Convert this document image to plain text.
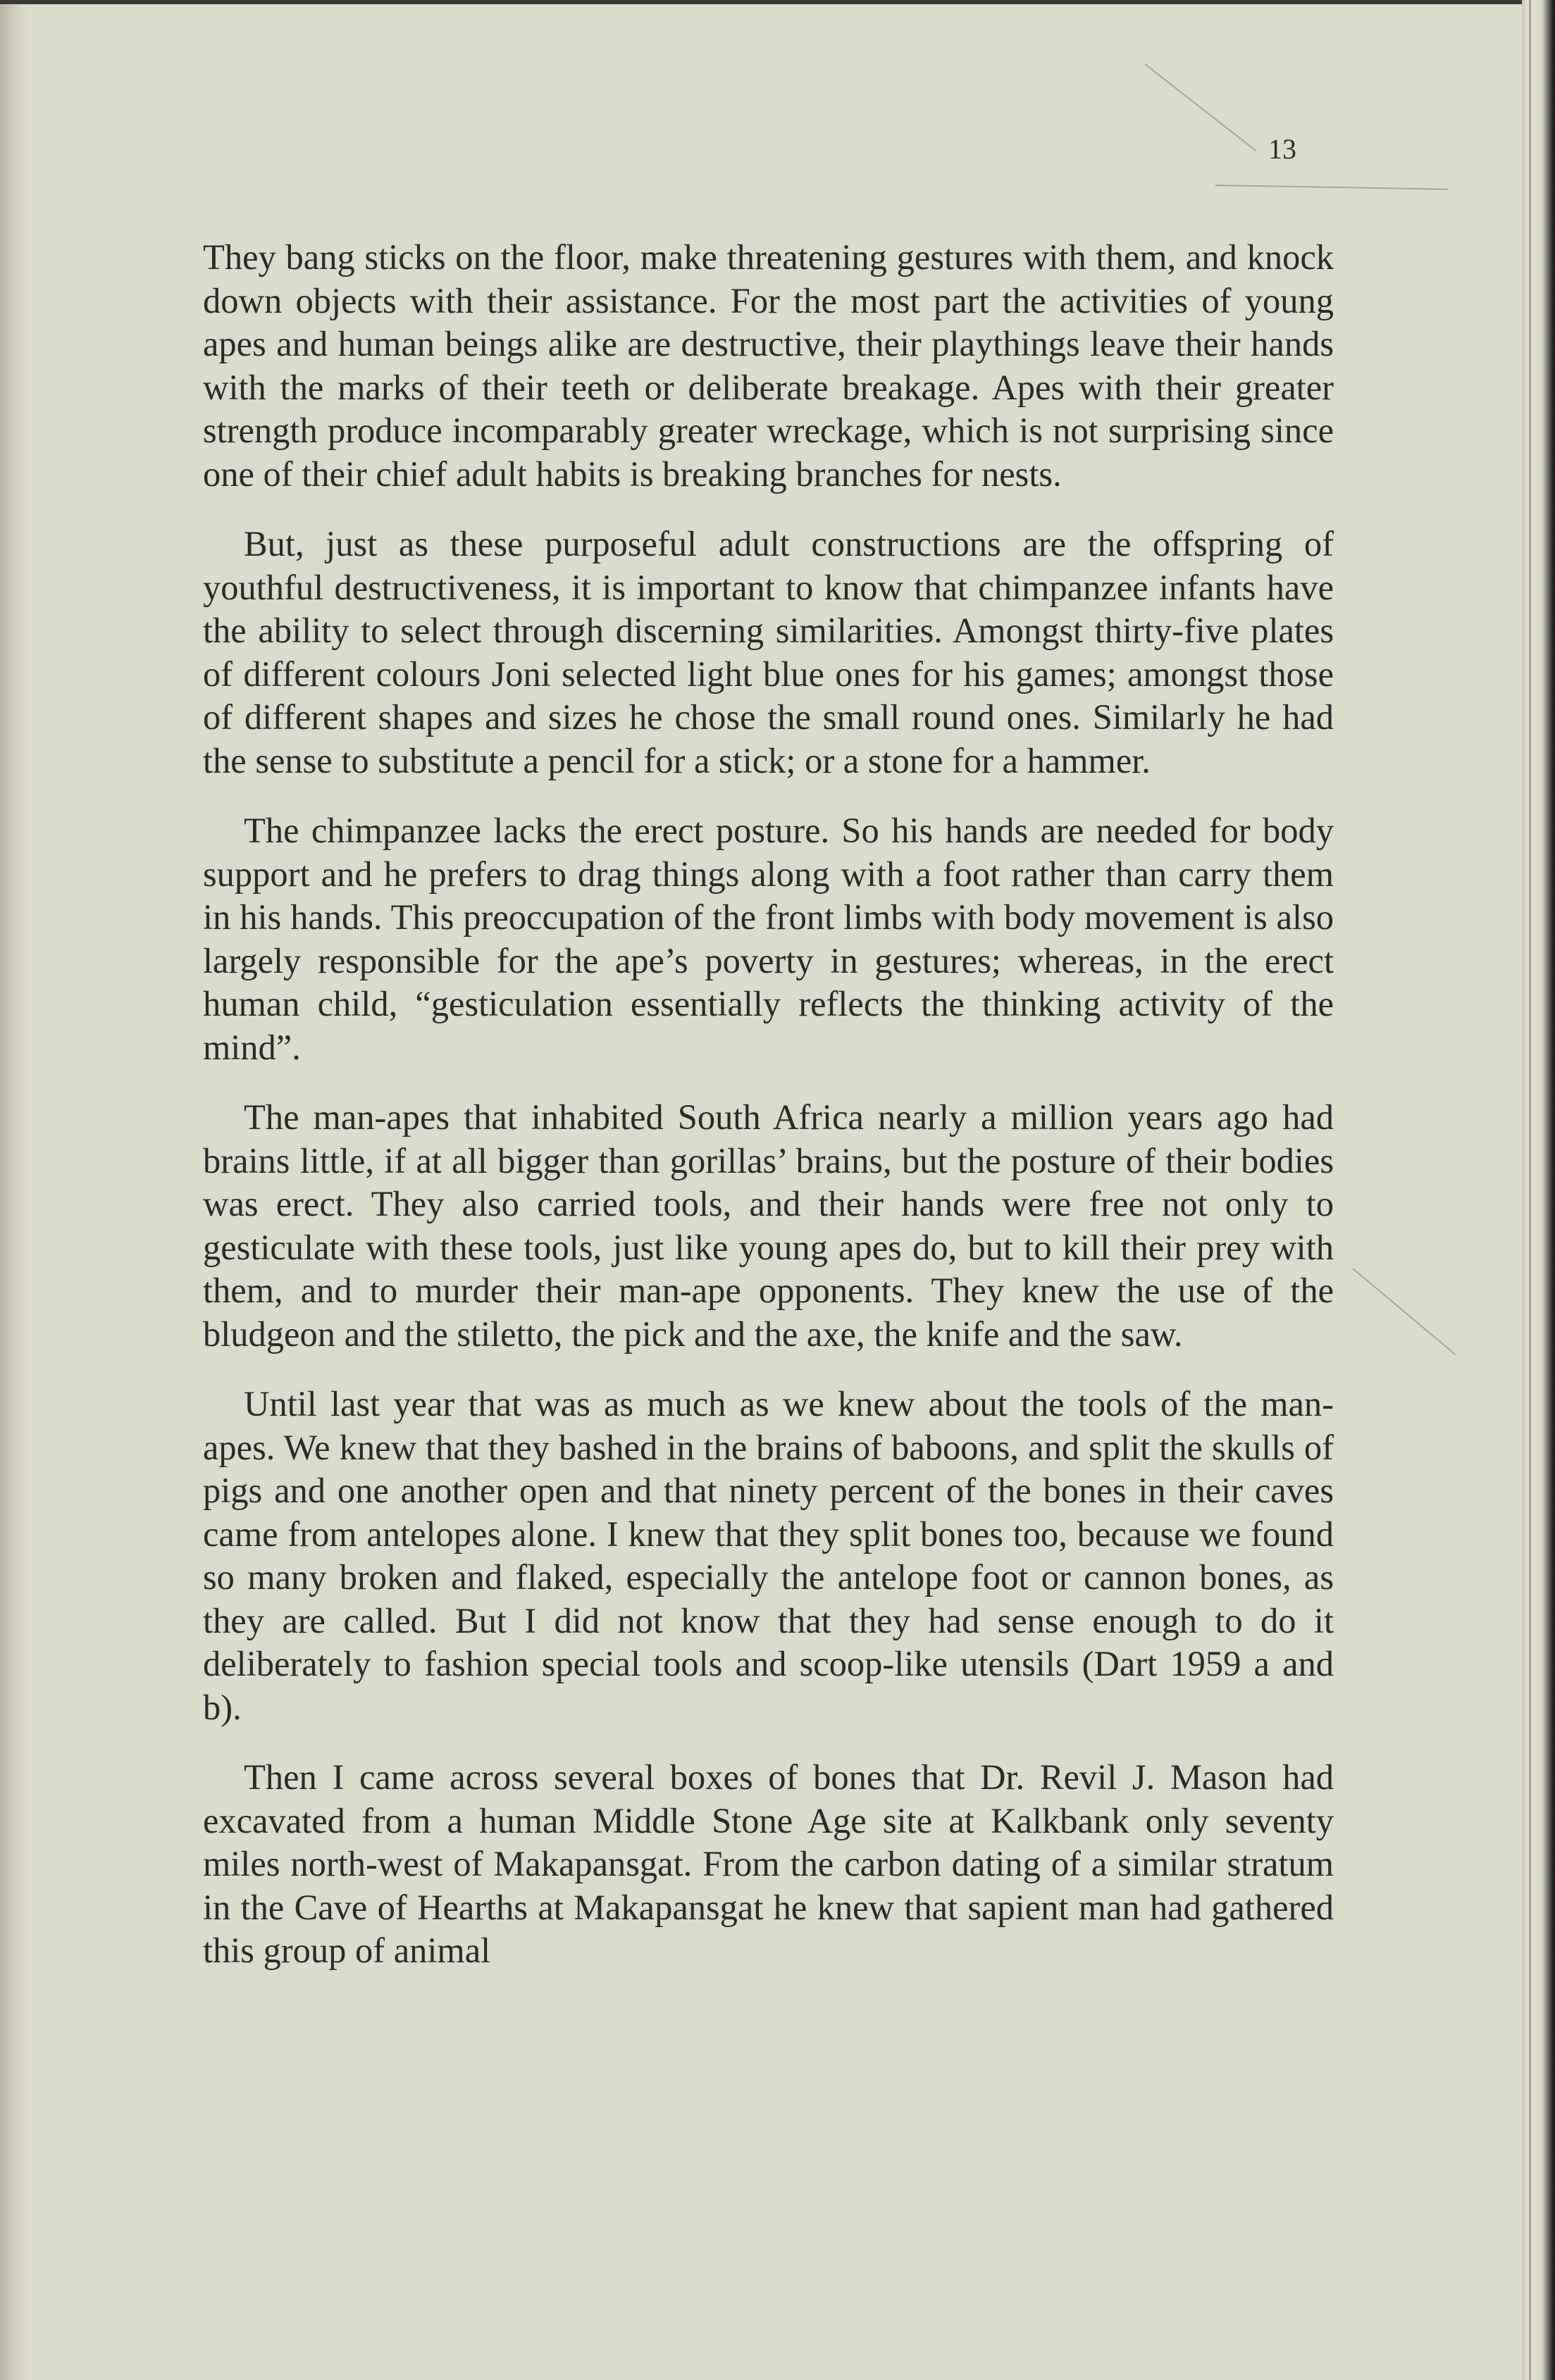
13

They bang sticks on the floor, make threatening gestures with them, and knock down objects with their assistance. For the most part the activities of young apes and human beings alike are destructive, their playthings leave their hands with the marks of their teeth or deliberate breakage. Apes with their greater strength produce incomparably greater wreckage, which is not surprising since one of their chief adult habits is breaking branches for nests.

But, just as these purposeful adult constructions are the offspring of youthful destructiveness, it is important to know that chimpanzee infants have the ability to select through discerning similarities. Amongst thirty-five plates of different colours Joni selected light blue ones for his games; amongst those of different shapes and sizes he chose the small round ones. Similarly he had the sense to substitute a pencil for a stick; or a stone for a hammer.

The chimpanzee lacks the erect posture. So his hands are needed for body support and he prefers to drag things along with a foot rather than carry them in his hands. This preoccupation of the front limbs with body movement is also largely responsible for the ape’s poverty in gestures; whereas, in the erect human child, “gesticulation essentially reflects the thinking activity of the mind”.

The man-apes that inhabited South Africa nearly a million years ago had brains little, if at all bigger than gorillas’ brains, but the posture of their bodies was erect. They also carried tools, and their hands were free not only to gesticulate with these tools, just like young apes do, but to kill their prey with them, and to murder their man-ape opponents. They knew the use of the bludgeon and the stiletto, the pick and the axe, the knife and the saw.

Until last year that was as much as we knew about the tools of the man-apes. We knew that they bashed in the brains of baboons, and split the skulls of pigs and one another open and that ninety percent of the bones in their caves came from antelopes alone. I knew that they split bones too, because we found so many broken and flaked, especially the antelope foot or cannon bones, as they are called. But I did not know that they had sense enough to do it deliberately to fashion special tools and scoop-like utensils (Dart 1959 a and b).

Then I came across several boxes of bones that Dr. Revil J. Mason had excavated from a human Middle Stone Age site at Kalkbank only seventy miles north-west of Makapansgat. From the carbon dating of a similar stratum in the Cave of Hearths at Makapansgat he knew that sapient man had gathered this group of animal
